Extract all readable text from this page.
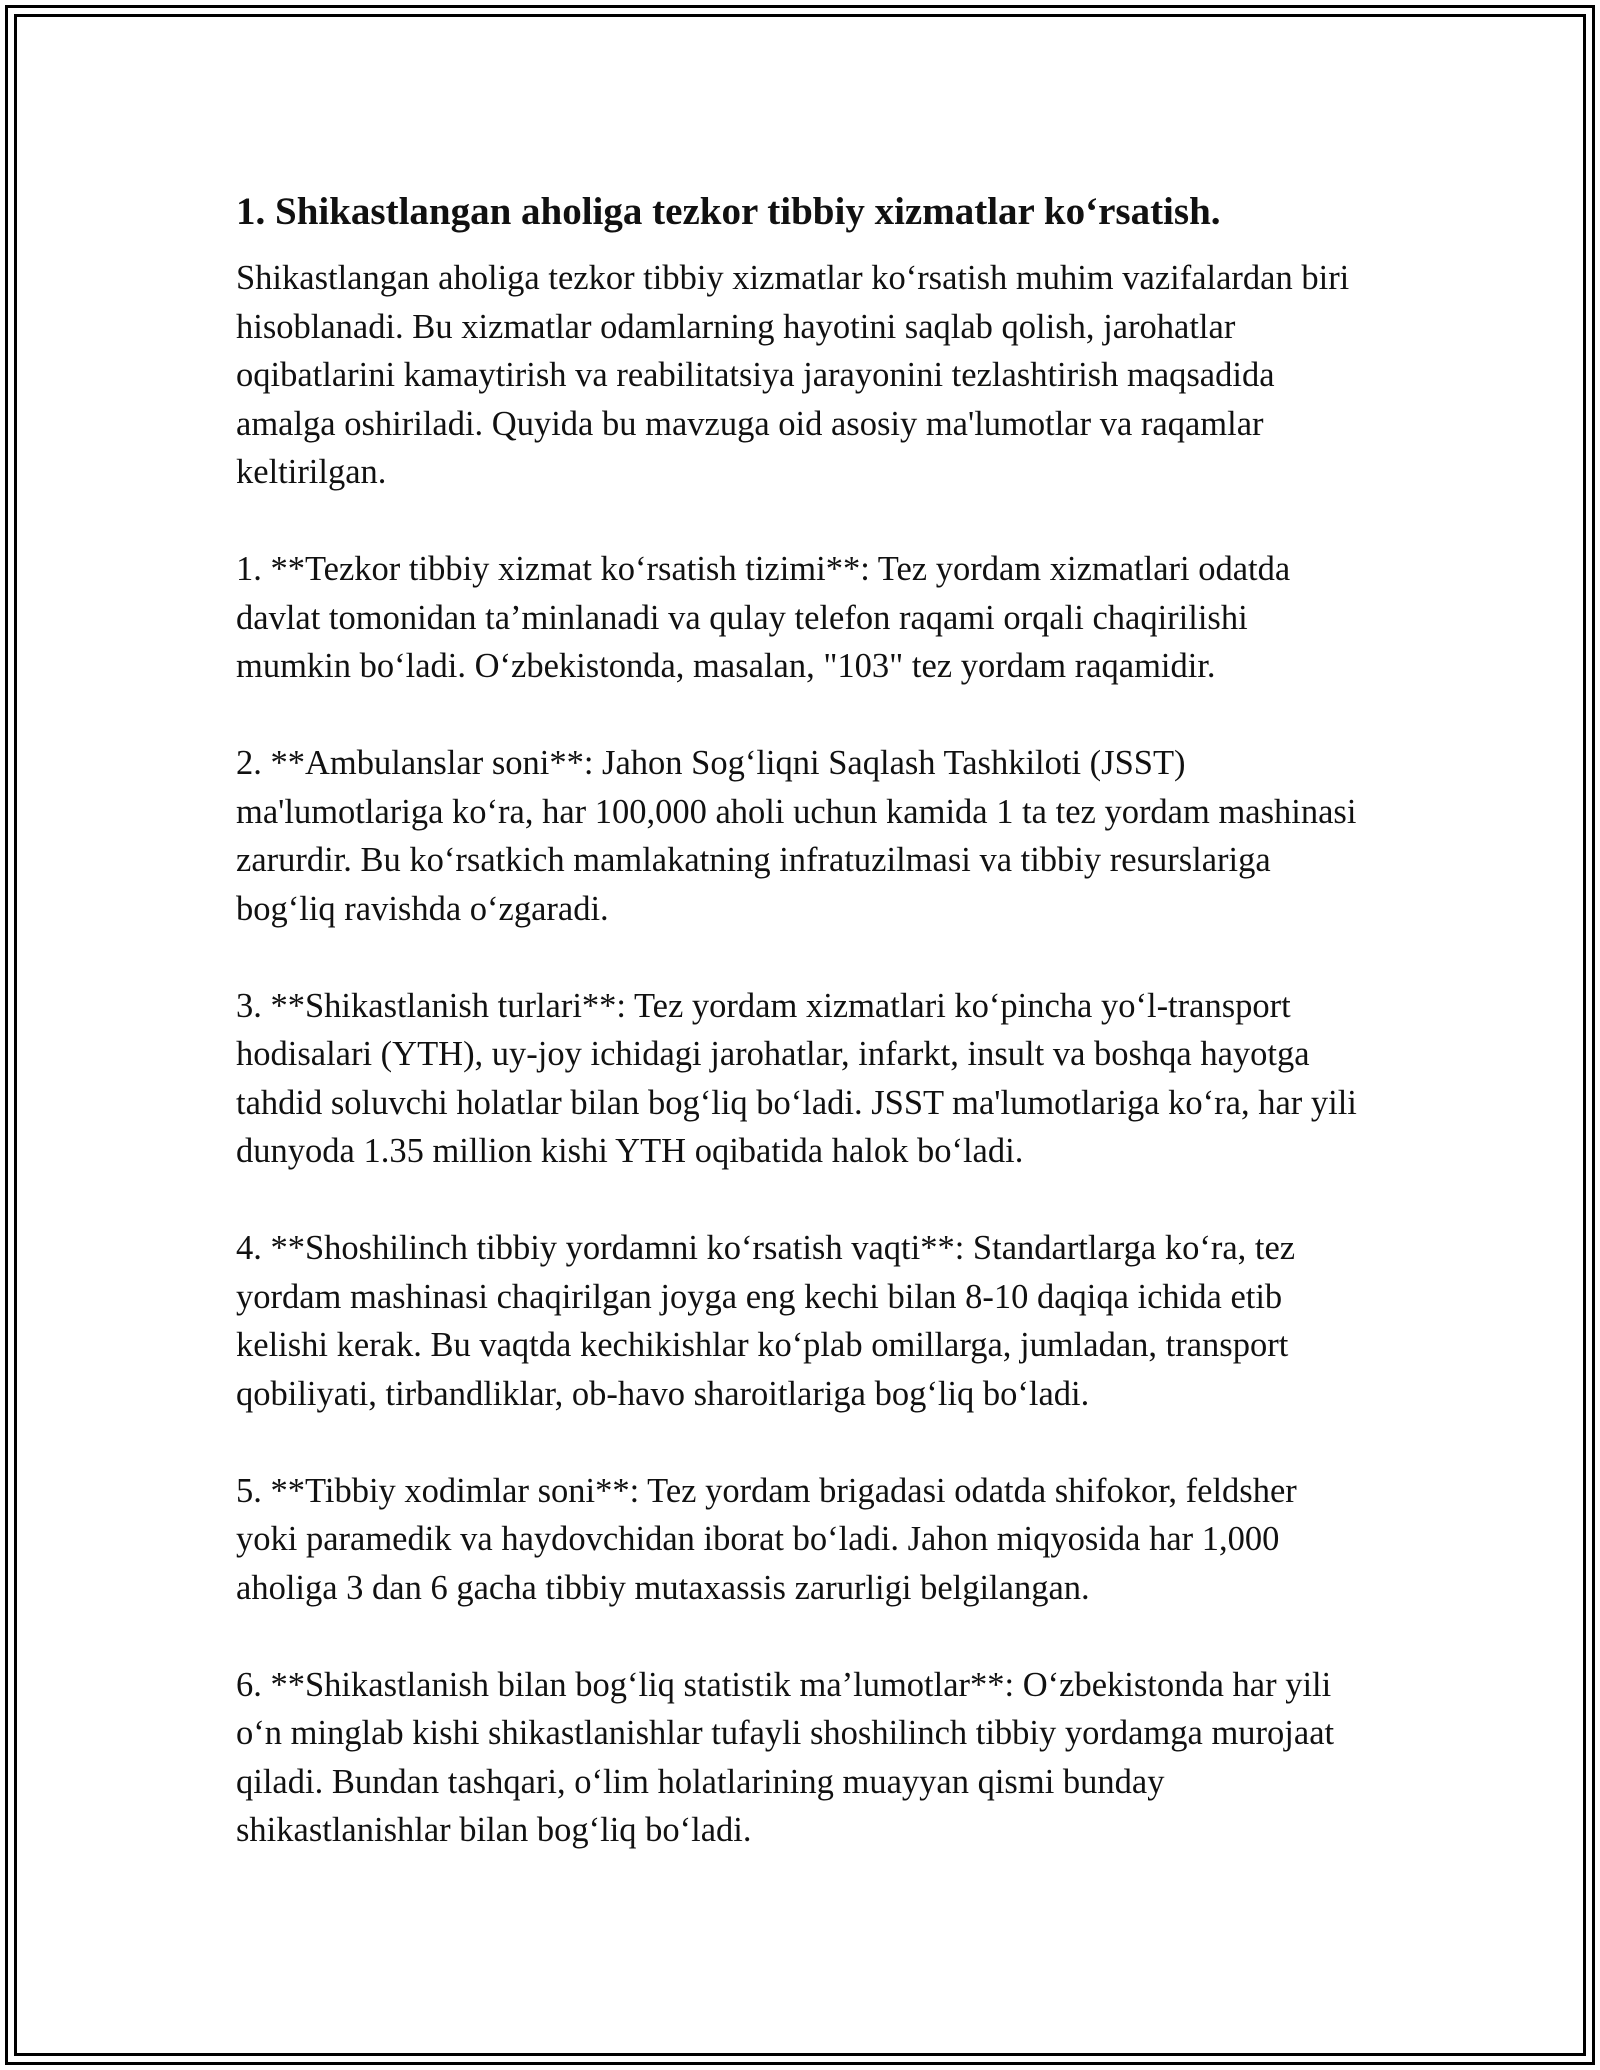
1. Shikastlangan aholiga tezkor tibbiy xizmatlar ko‘rsatish.

Shikastlangan aholiga tezkor tibbiy xizmatlar ko‘rsatish muhim vazifalardan biri hisoblanadi. Bu xizmatlar odamlarning hayotini saqlab qolish, jarohatlar oqibatlarini kamaytirish va reabilitatsiya jarayonini tezlashtirish maqsadida amalga oshiriladi. Quyida bu mavzuga oid asosiy ma'lumotlar va raqamlar keltirilgan.

1. **Tezkor tibbiy xizmat ko‘rsatish tizimi**: Tez yordam xizmatlari odatda davlat tomonidan ta’minlanadi va qulay telefon raqami orqali chaqirilishi mumkin bo‘ladi. O‘zbekistonda, masalan, "103" tez yordam raqamidir.

2. **Ambulanslar soni**: Jahon Sog‘liqni Saqlash Tashkiloti (JSST) ma'lumotlariga ko‘ra, har 100,000 aholi uchun kamida 1 ta tez yordam mashinasi zarurdir. Bu ko‘rsatkich mamlakatning infratuzilmasi va tibbiy resurslariga bog‘liq ravishda o‘zgaradi.

3. **Shikastlanish turlari**: Tez yordam xizmatlari ko‘pincha yo‘l-transport hodisalari (YTH), uy-joy ichidagi jarohatlar, infarkt, insult va boshqa hayotga tahdid soluvchi holatlar bilan bog‘liq bo‘ladi. JSST ma'lumotlariga ko‘ra, har yili dunyoda 1.35 million kishi YTH oqibatida halok bo‘ladi.

4. **Shoshilinch tibbiy yordamni ko‘rsatish vaqti**: Standartlarga ko‘ra, tez yordam mashinasi chaqirilgan joyga eng kechi bilan 8-10 daqiqa ichida etib kelishi kerak. Bu vaqtda kechikishlar ko‘plab omillarga, jumladan, transport qobiliyati, tirbandliklar, ob-havo sharoitlariga bog‘liq bo‘ladi.

5. **Tibbiy xodimlar soni**: Tez yordam brigadasi odatda shifokor, feldsher yoki paramedik va haydovchidan iborat bo‘ladi. Jahon miqyosida har 1,000 aholiga 3 dan 6 gacha tibbiy mutaxassis zarurligi belgilangan.

6. **Shikastlanish bilan bog‘liq statistik ma’lumotlar**: O‘zbekistonda har yili o‘n minglab kishi shikastlanishlar tufayli shoshilinch tibbiy yordamga murojaat qiladi. Bundan tashqari, o‘lim holatlarining muayyan qismi bunday shikastlanishlar bilan bog‘liq bo‘ladi.
